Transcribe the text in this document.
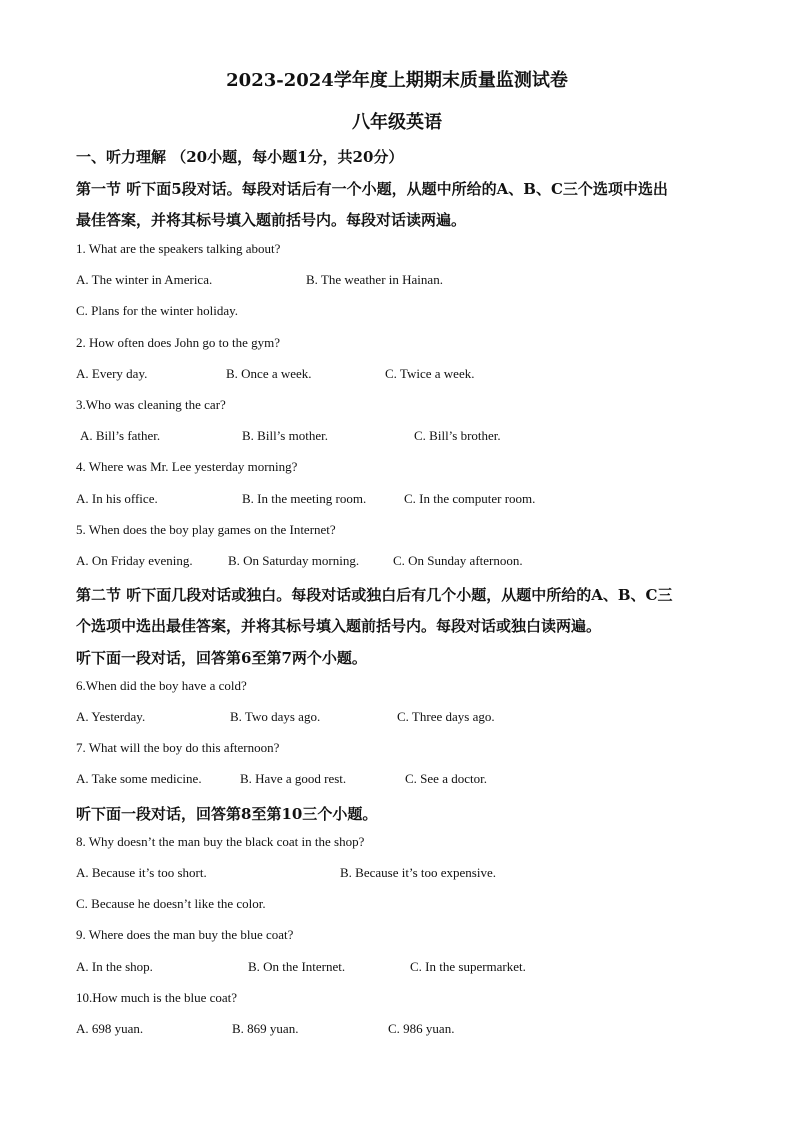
2023-2024学年度上期期末质量监测试卷
八年级英语
一、听力理解 （20小题，每小题1分，共20分）
第一节 听下面5段对话。每段对话后有一个小题，从题中所给的A、B、C三个选项中选出
最佳答案，并将其标号填入题前括号内。每段对话读两遍。
1. What are the speakers talking about?
A. The winter in America.	B. The weather in Hainan.
C. Plans for the winter holiday.
2. How often does John go to the gym?
A. Every day.	B. Once a week.	C. Twice a week.
3.Who was cleaning the car?
A. Bill’s father.	B. Bill’s mother.	C. Bill’s brother.
4. Where was Mr. Lee yesterday morning?
A. In his office.	B. In the meeting room.	C. In the computer room.
5. When does the boy play games on the Internet?
A. On Friday evening.	B. On Saturday morning.	C. On Sunday afternoon.
第二节 听下面几段对话或独白。每段对话或独白后有几个小题，从题中所给的A、B、C三
个选项中选出最佳答案，并将其标号填入题前括号内。每段对话或独白读两遍。
听下面一段对话，回答第6至第7两个小题。
6.When did the boy have a cold?
A. Yesterday.	B. Two days ago.	C. Three days ago.
7. What will the boy do this afternoon?
A. Take some medicine.	B. Have a good rest.	C. See a doctor.
听下面一段对话，回答第8至第10三个小题。
8. Why doesn’t the man buy the black coat in the shop?
A. Because it’s too short.	B. Because it’s too expensive.
C. Because he doesn’t like the color.
9. Where does the man buy the blue coat?
A. In the shop.	B. On the Internet.	C. In the supermarket.
10.How much is the blue coat?
A. 698 yuan.	B. 869 yuan.	C. 986 yuan.
